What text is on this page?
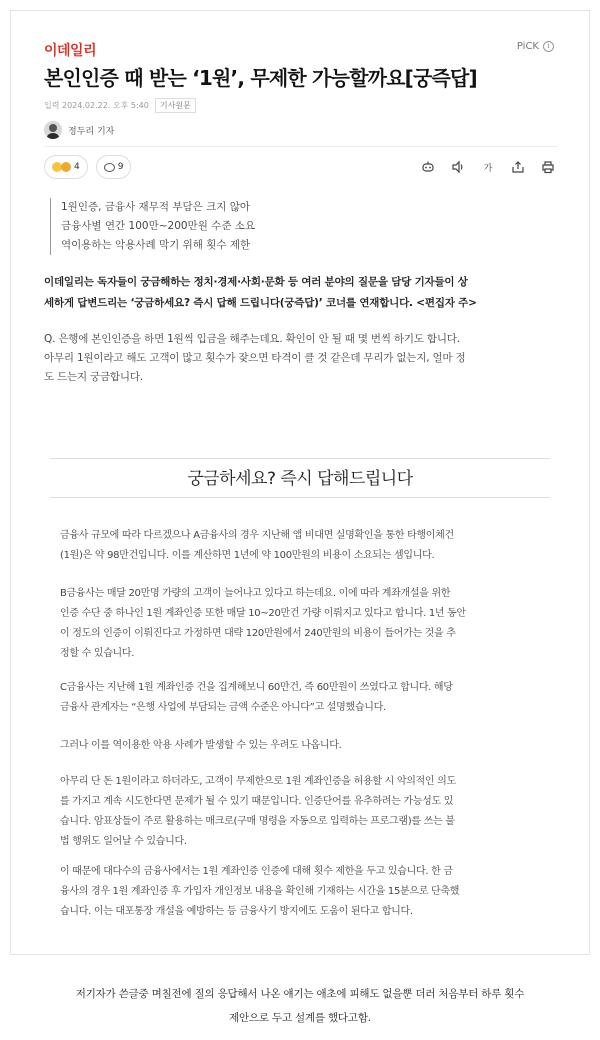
이데일리	PiCK	i
본인인증 때 받는 ‘1원’, 무제한 가능할까요[궁즉답]
입력 2024.02.22. 오후 5:40	기사원문
정두리 기자
4	9	가

1원인증, 금융사 재무적 부담은 크지 않아

금융사별 연간 100만~200만원 수준 소요

역이용하는 악용사례 막기 위해 횟수 제한

이데일리는 독자들이 궁금해하는 정치·경제·사회·문화 등 여러 분야의 질문을 담당 기자들이 상
세하게 답변드리는 ‘궁금하세요? 즉시 답해 드립니다(궁즉답)’ 코너를 연재합니다. <편집자 주>
Q. 은행에 본인인증을 하면 1원씩 입금을 해주는데요. 확인이 안 될 때 몇 번씩 하기도 합니다.
아무리 1원이라고 해도 고객이 많고 횟수가 잦으면 타격이 클 것 같은데 무리가 없는지, 얼마 정
도 드는지 궁금합니다.
궁금하세요? 즉시 답해드립니다
금융사 규모에 따라 다르겠으나 A금융사의 경우 지난해 앱 비대면 실명확인을 통한 타행이체건
(1원)은 약 98만건입니다. 이를 계산하면 1년에 약 100만원의 비용이 소요되는 셈입니다.
B금융사는 매달 20만명 가량의 고객이 늘어나고 있다고 하는데요. 이에 따라 계좌개설을 위한
인증 수단 중 하나인 1원 계좌인증 또한 매달 10~20만건 가량 이뤄지고 있다고 합니다. 1년 동안
이 정도의 인증이 이뤄진다고 가정하면 대략 120만원에서 240만원의 비용이 들어가는 것을 추
정할 수 있습니다.
C금융사는 지난해 1원 계좌인증 건을 집계해보니 60만건, 즉 60만원이 쓰였다고 합니다. 해당
금융사 관계자는 “은행 사업에 부담되는 금액 수준은 아니다”고 설명했습니다.
그러나 이를 역이용한 악용 사례가 발생할 수 있는 우려도 나옵니다.
아무리 단 돈 1원이라고 하더라도, 고객이 무제한으로 1원 계좌인증을 허용할 시 악의적인 의도
를 가지고 계속 시도한다면 문제가 될 수 있기 때문입니다. 인증단어를 유추하려는 가능성도 있
습니다. 암표상들이 주로 활용하는 매크로(구매 명령을 자동으로 입력하는 프로그램)를 쓰는 불
법 행위도 일어날 수 있습니다.
이 때문에 대다수의 금융사에서는 1원 계좌인증 인증에 대해 횟수 제한을 두고 있습니다. 한 금
융사의 경우 1원 계좌인증 후 가입자 개인정보 내용을 확인해 기재하는 시간을 15분으로 단축했
습니다. 이는 대포통장 개설을 예방하는 등 금융사기 방지에도 도움이 된다고 합니다.
저기자가 쓴글중 며칠전에 질의 응답해서 나온 얘기는 애초에 피해도 없을뿐 더러 처음부터 하루 횟수
제안으로 두고 설계를 했다고함.
